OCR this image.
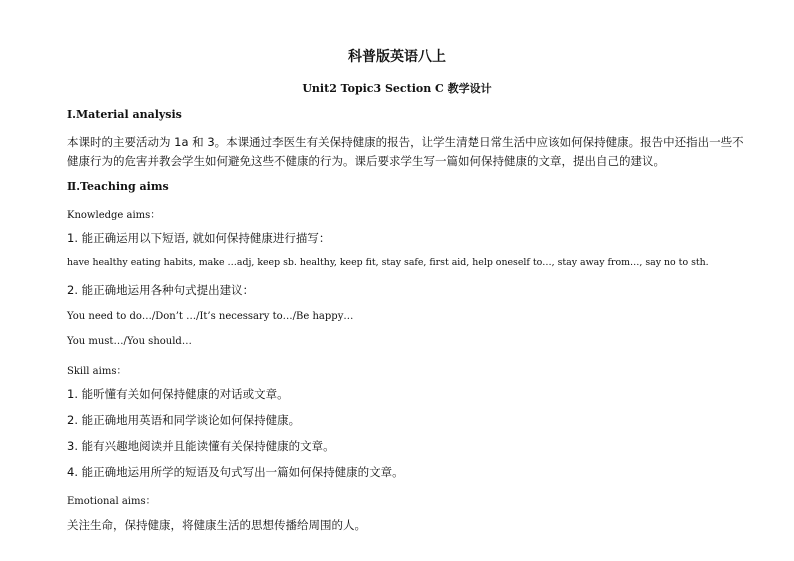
科普版英语八上
Unit2 Topic3 Section C 教学设计
Ⅰ.Material analysis
本课时的主要活动为 1a 和 3。本课通过李医生有关保持健康的报告，让学生清楚日常生活中应该如何保持健康。报告中还指出一些不
健康行为的危害并教会学生如何避免这些不健康的行为。课后要求学生写一篇如何保持健康的文章，提出自己的建议。
Ⅱ.Teaching aims
Knowledge aims：
1. 能正确运用以下短语, 就如何保持健康进行描写：
have healthy eating habits, make …adj, keep sb. healthy, keep fit, stay safe, first aid, help oneself to…, stay away from…, say no to sth.
2. 能正确地运用各种句式提出建议：
You need to do…/Don’t …/It’s necessary to…/Be happy…
You must…/You should…
Skill aims：
1. 能听懂有关如何保持健康的对话或文章。
2. 能正确地用英语和同学谈论如何保持健康。
3. 能有兴趣地阅读并且能读懂有关保持健康的文章。
4. 能正确地运用所学的短语及句式写出一篇如何保持健康的文章。
Emotional aims：
关注生命，保持健康，将健康生活的思想传播给周围的人。
